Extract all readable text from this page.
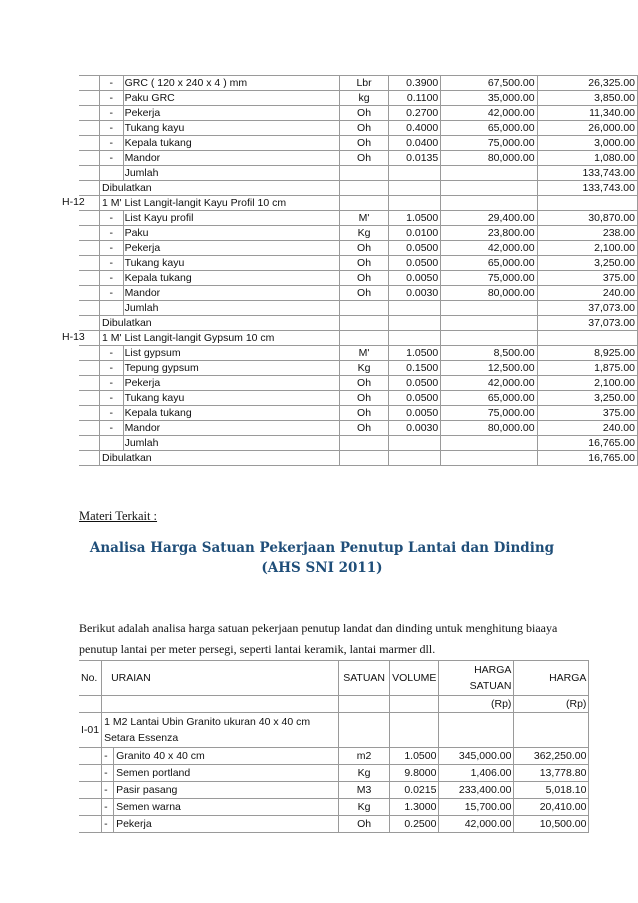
	-	GRC ( 120 x 240 x 4 ) mm	Lbr	0.3900	67,500.00	26,325.00

	-	Paku GRC	kg	0.1100	35,000.00	3,850.00

	-	Pekerja	Oh	0.2700	42,000.00	11,340.00

	-	Tukang kayu	Oh	0.4000	65,000.00	26,000.00

	-	Kepala tukang	Oh	0.0400	75,000.00	3,000.00

	-	Mandor	Oh	0.0135	80,000.00	1,080.00

		Jumlah				133,743.00

	Dibulatkan					133,743.00

H-12	1 M' List Langit-langit Kayu Profil 10 cm					

	-	List Kayu profil	M'	1.0500	29,400.00	30,870.00

	-	Paku	Kg	0.0100	23,800.00	238.00

	-	Pekerja	Oh	0.0500	42,000.00	2,100.00

	-	Tukang kayu	Oh	0.0500	65,000.00	3,250.00

	-	Kepala tukang	Oh	0.0050	75,000.00	375.00

	-	Mandor	Oh	0.0030	80,000.00	240.00

		Jumlah				37,073.00

	Dibulatkan					37,073.00

H-13	1 M' List Langit-langit Gypsum 10 cm					

	-	List gypsum	M'	1.0500	8,500.00	8,925.00

	-	Tepung gypsum	Kg	0.1500	12,500.00	1,875.00

	-	Pekerja	Oh	0.0500	42,000.00	2,100.00

	-	Tukang kayu	Oh	0.0500	65,000.00	3,250.00

	-	Kepala tukang	Oh	0.0050	75,000.00	375.00

	-	Mandor	Oh	0.0030	80,000.00	240.00

		Jumlah				16,765.00

	Dibulatkan					16,765.00

Materi Terkait :

Analisa Harga Satuan Pekerjaan Penutup Lantai dan Dinding (AHS SNI 2011)

Berikut adalah analisa harga satuan pekerjaan penutup landat dan dinding untuk menghitung biaaya penutup lantai per meter persegi, seperti lantai keramik, lantai marmer dll.

No.	URAIAN		SATUAN	VOLUME	HARGA SATUAN	HARGA
					(Rp)	(Rp)
I-01	1 M2 Lantai Ubin Granito ukuran 40 x 40 cm Setara Essenza					
	-	Granito 40 x 40 cm	m2	1.0500	345,000.00	362,250.00
	-	Semen portland	Kg	9.8000	1,406.00	13,778.80
	-	Pasir pasang	M3	0.0215	233,400.00	5,018.10
	-	Semen warna	Kg	1.3000	15,700.00	20,410.00
	-	Pekerja	Oh	0.2500	42,000.00	10,500.00
